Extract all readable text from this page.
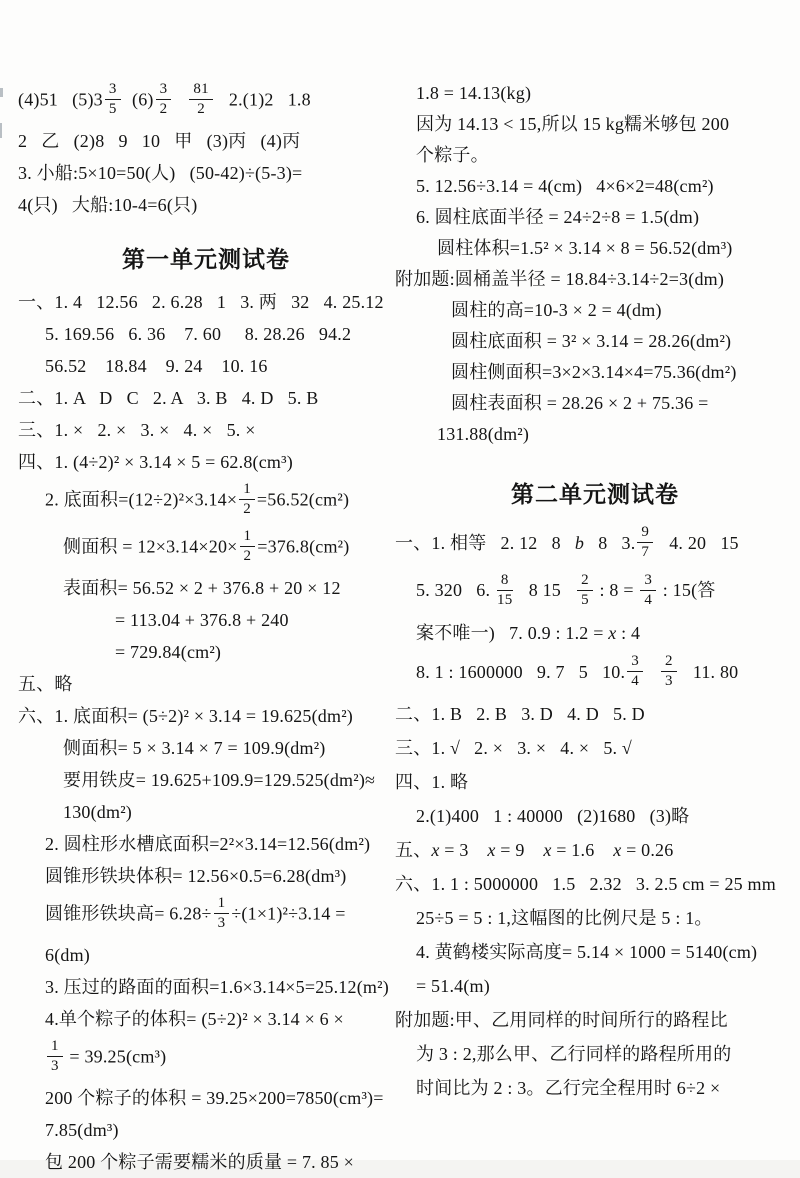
(4)51   $(5)3 \frac{3}{5} (6) \frac{3}{2}$
$\frac{81}{2} 2.(1)2$   1.8
2   乙   (2)8   9   10   甲   (3)丙   (4)丙
3. 小船:5×10=50(人)   (50-42)÷(5-3)=
4(只)   大船:10-4=6(只)
第一单元测试卷
一、1. 4   12.56   2. 6.28   1   3. 两   32   4. 25.12
5. 169.56   6. 36    7. 60     8. 28.26   94.2
56.52    18.84    9. 24    10. 16
二、1. A   D   C   2. A   3. B   4. D   5. B
三、1. ×   2. ×   3. ×   4. ×   5. ×
四、1. (4÷2)² × 3.14 × 5 = 62.8(cm³)
2. 底面积$=(12\div 2)^2\times 3.14\times \frac{1}{2} =56.52(cm^2)$
侧面积 = $12\times 3.14\times 20\times \frac{1}{2} =376.8(cm^2)$
表面积= 56.52 × 2 + 376.8 + 20 × 12
= 113.04 + 376.8 + 240
= 729.84(cm²)
五、略
六、1. 底面积= (5÷2)² × 3.14 = 19.625(dm²)
侧面积= 5 × 3.14 × 7 = 109.9(dm²)
要用铁皮= 19.625+109.9=129.525(dm²)≈
130(dm²)
2. 圆柱形水槽底面积=2²×3.14=12.56(dm²)
圆锥形铁块体积= 12.56×0.5=6.28(dm³)
圆锥形铁块高= $6.28\div \frac{1}{3} \div(1\times 1)^2\div 3.14$ =
6(dm)
3. 压过的路面的面积=1.6×3.14×5=25.12(m²)
4.单个粽子的体积= (5÷2)² × 3.14 × 6 ×
$\frac{1}{3} = 39.25(cm^3)$
200 个粽子的体积 = 39.25×200=7850(cm³)=
7.85(dm³)
包 200 个粽子需要糯米的质量 = 7. 85 ×
1.8 = 14.13(kg)
因为 14.13 < 15,所以 15 kg糯米够包 200
个粽子。
5. 12.56÷3.14 = 4(cm)   4×6×2=48(cm²)
6. 圆柱底面半径 = 24÷2÷8 = 1.5(dm)
圆柱体积=1.5² × 3.14 × 8 = 56.52(dm³)
附加题:圆桶盖半径 = 18.84÷3.14÷2=3(dm)
圆柱的高=10-3 × 2 = 4(dm)
圆柱底面积 = 3² × 3.14 = 28.26(dm²)
圆柱侧面积=3×2×3.14×4=75.36(dm²)
圆柱表面积 = 28.26 × 2 + 75.36 =
131.88(dm²)
第二单元测试卷
一、1. 相等   2. 12   8   b   8   3. $\frac{9}{7} 4$. 20   15
5. 320   6. $\frac{8}{15} 8$ $15 \frac{2}{5}$ : $8 = \frac{3}{4}$ : 15(答
案不唯一)   7. 0.9 : 1.2 = x : 4
8. 1 : 1600000   9. 7   5   10. $\frac{3}{4}$
$\frac{2}{3} 11$. 80
二、1. B   2. B   3. D   4. D   5. D
三、1. √   2. ×   3. ×   4. ×   5. √
四、1. 略
2.(1)400   1 : 40000   (2)1680   (3)略
五、x = 3    x = 9    x = 1.6    x = 0.26
六、1. 1 : 5000000   1.5   2.32   3. 2.5 cm = 25 mm
25÷5 = 5 : 1,这幅图的比例尺是 5 : 1。
4. 黄鹤楼实际高度= 5.14 × 1000 = 5140(cm)
= 51.4(m)
附加题:甲、乙用同样的时间所行的路程比
为 3 : 2,那么甲、乙行同样的路程所用的
时间比为 2 : 3。乙行完全程用时 6÷2 ×
